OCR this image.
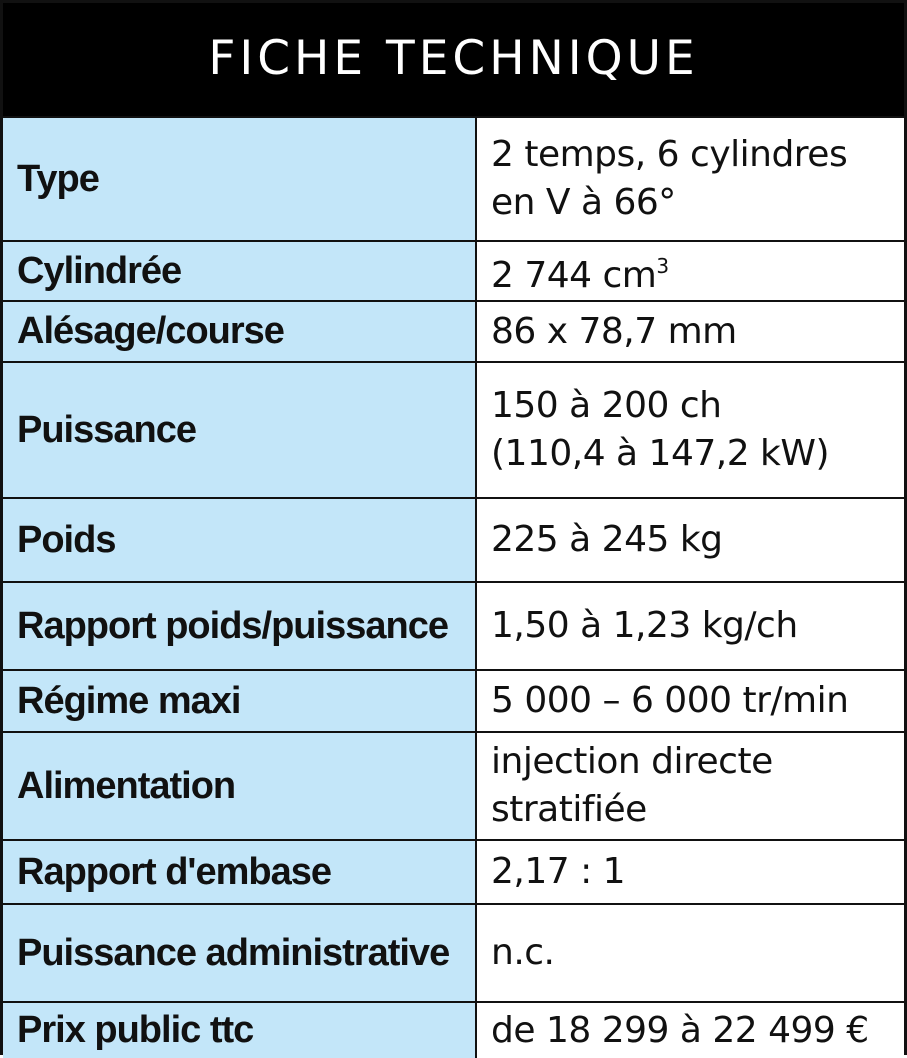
FICHE TECHNIQUE
Type	2 temps, 6 cylindres
en V à 66°

Cylindrée	2 744 $cm^3$
Alésage/course	86 x 78,7 mm

Puissance	150 à 200 ch
(110,4 à 147,2 kW)

Poids	225 à 245 kg

Rapport poids/puissance	1,50 à 1,23 kg/ch

Régime maxi	5 000 – 6 000 tr/min

Alimentation	injection directe
stratifiée

Rapport d'embase	2,17 : 1

Puissance administrative	n.c.

Prix public ttc	de 18 299 à 22 499 €
